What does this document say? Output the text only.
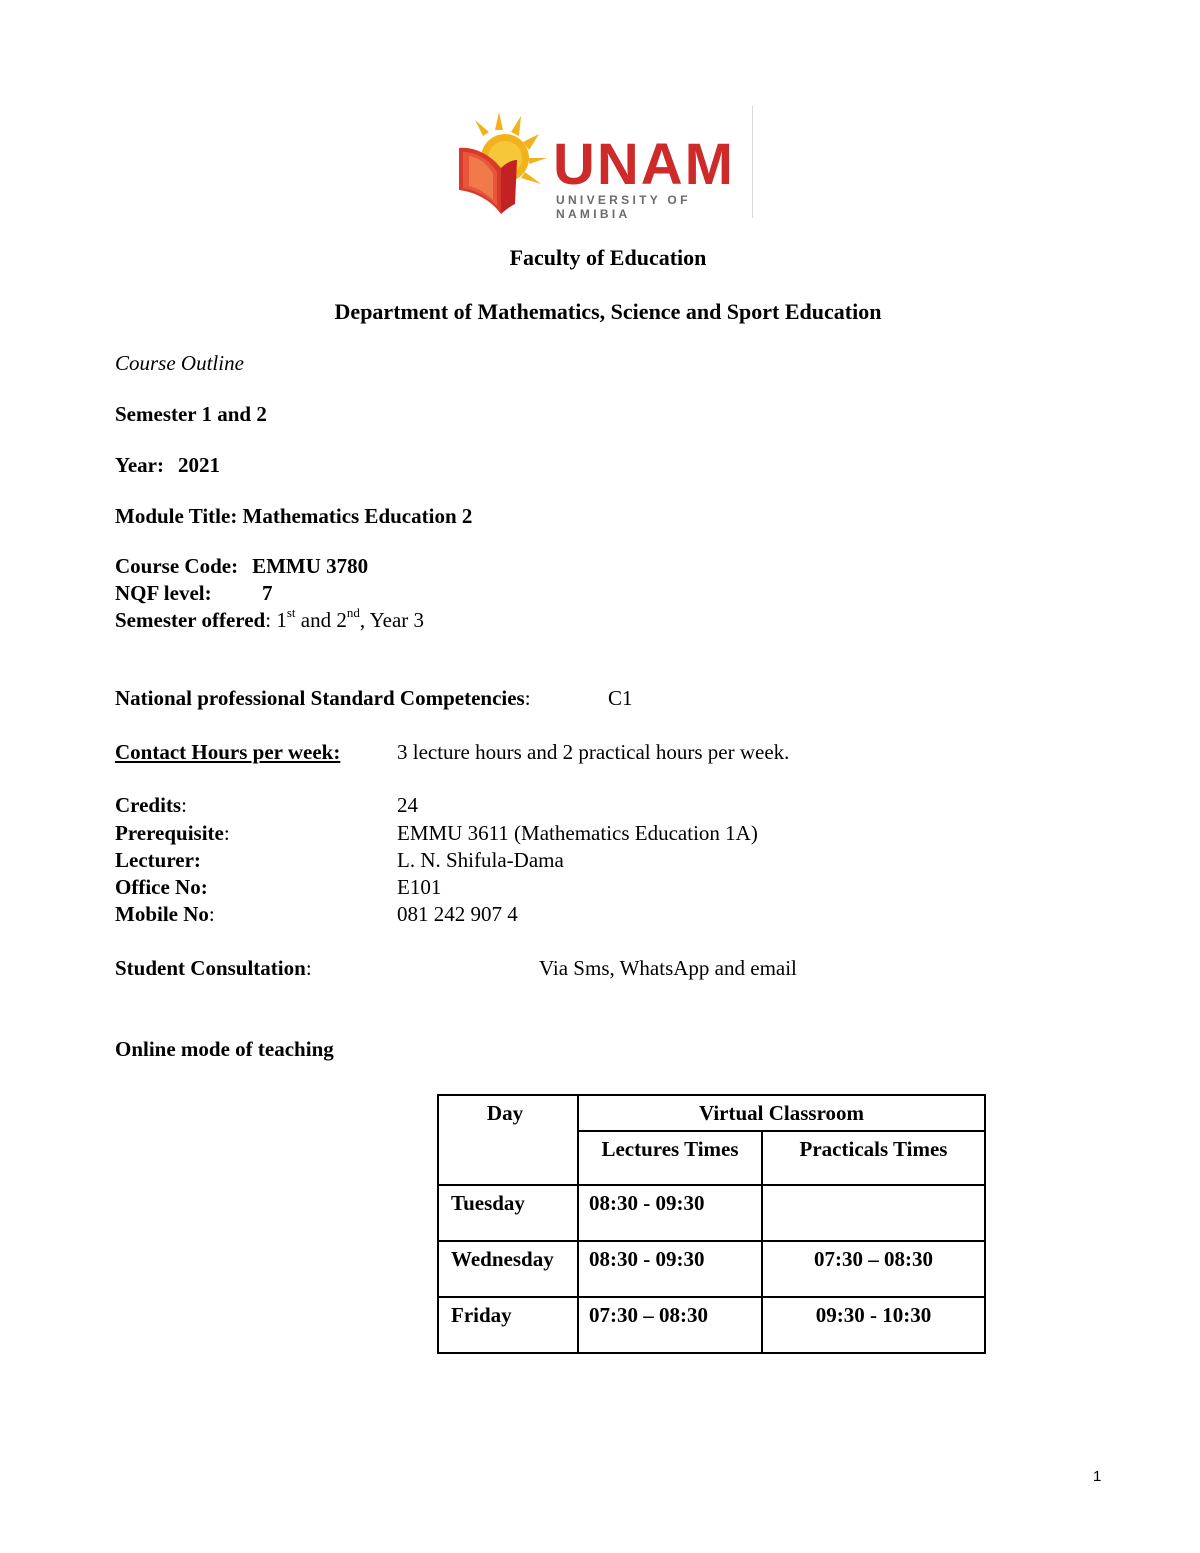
UNAM
UNIVERSITY OF NAMIBIA
Faculty of Education
Department of Mathematics, Science and Sport Education
Course Outline
Semester 1 and 2
Year: 2021
Module Title: Mathematics Education 2
Course Code: EMMU 3780
NQF level: 7
Semester offered: 1st and 2nd, Year 3
National professional Standard Competencies:	C1
Contact Hours per week:	3 lecture hours and 2 practical hours per week.
Credits:	24
Prerequisite:	EMMU 3611 (Mathematics Education 1A)
Lecturer:	L. N. Shifula-Dama
Office No:	E101
Mobile No:	081 242 907 4
Student Consultation:	Via Sms, WhatsApp and email
Online mode of teaching
Day	Virtual Classroom	

	Lectures Times	Practicals Times

Tuesday	08:30 - 09:30	

Wednesday	08:30 - 09:30	07:30 – 08:30

Friday	07:30 – 08:30	09:30 - 10:30
1
